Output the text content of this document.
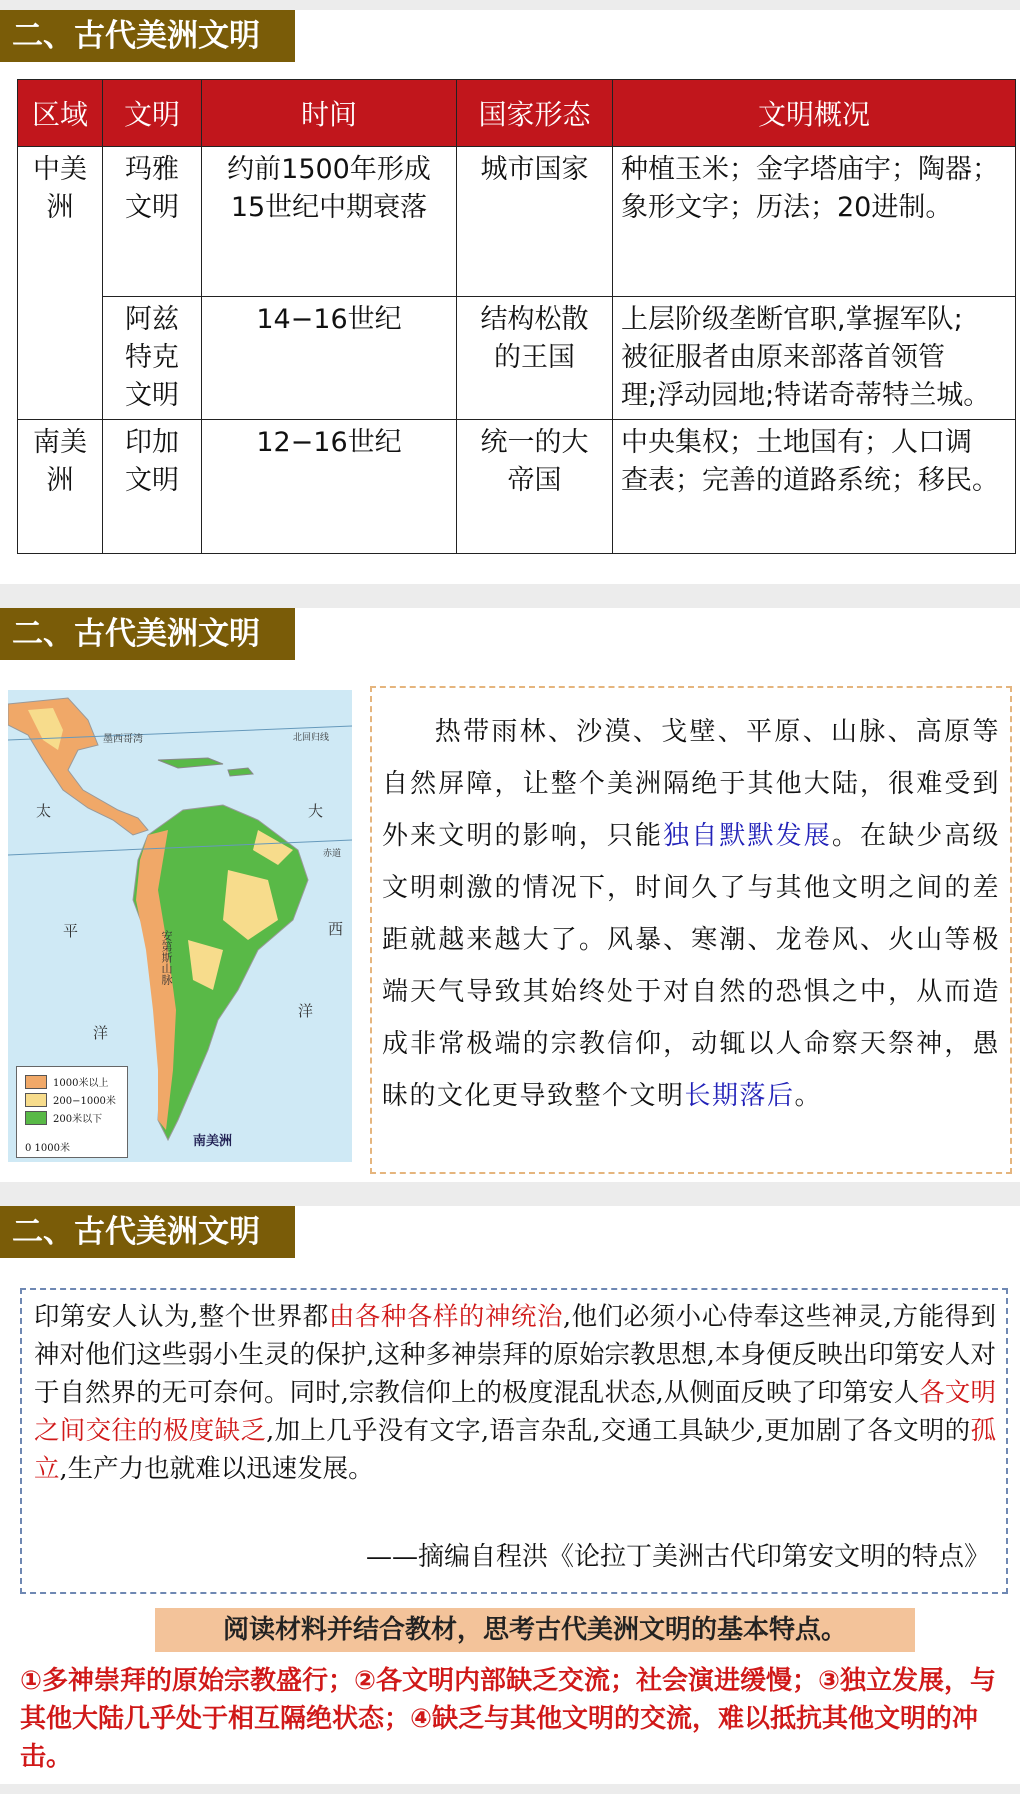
二、古代美洲文明
区域	文明	时间	国家形态	文明概况

中美洲	玛雅文明	约前1500年形成15世纪中期衰落	城市国家	种植玉米；金字塔庙宇；陶器；
象形文字；历法；20进制。

	阿兹特克文明	14−16世纪	结构松散的王国	上层阶级垄断官职,掌握军队;
被征服者由原来部落首领管
理;浮动园地;特诺奇蒂特兰城。

南美洲	印加文明	12−16世纪	统一的大帝国	中央集权；土地国有；人口调
查表；完善的道路系统；移民。
二、古代美洲文明
墨西哥湾	北回归线
太
平
洋
大
西
洋
赤道
安第斯山脉
南美洲
1000米以上
200−1000米
200米以下
0 1000米
热带雨林、沙漠、戈壁、平原、山脉、高原等自然屏障，让整个美洲隔绝于其他大陆，很难受到外来文明的影响，只能独自默默发展。在缺少高级文明刺激的情况下，时间久了与其他文明之间的差距就越来越大了。风暴、寒潮、龙卷风、火山等极端天气导致其始终处于对自然的恐惧之中，从而造成非常极端的宗教信仰，动辄以人命察天祭神，愚昧的文化更导致整个文明长期落后。
二、古代美洲文明
印第安人认为,整个世界都由各种各样的神统治,他们必须小心侍奉这些神灵,方能得到神对他们这些弱小生灵的保护,这种多神崇拜的原始宗教思想,本身便反映出印第安人对于自然界的无可奈何。同时,宗教信仰上的极度混乱状态,从侧面反映了印第安人各文明之间交往的极度缺乏,加上几乎没有文字,语言杂乱,交通工具缺少,更加剧了各文明的孤立,生产力也就难以迅速发展。
——摘编自程洪《论拉丁美洲古代印第安文明的特点》
阅读材料并结合教材，思考古代美洲文明的基本特点。
①多神崇拜的原始宗教盛行；②各文明内部缺乏交流；社会演进缓慢；③独立发展，与其他大陆几乎处于相互隔绝状态；④缺乏与其他文明的交流，难以抵抗其他文明的冲击。
